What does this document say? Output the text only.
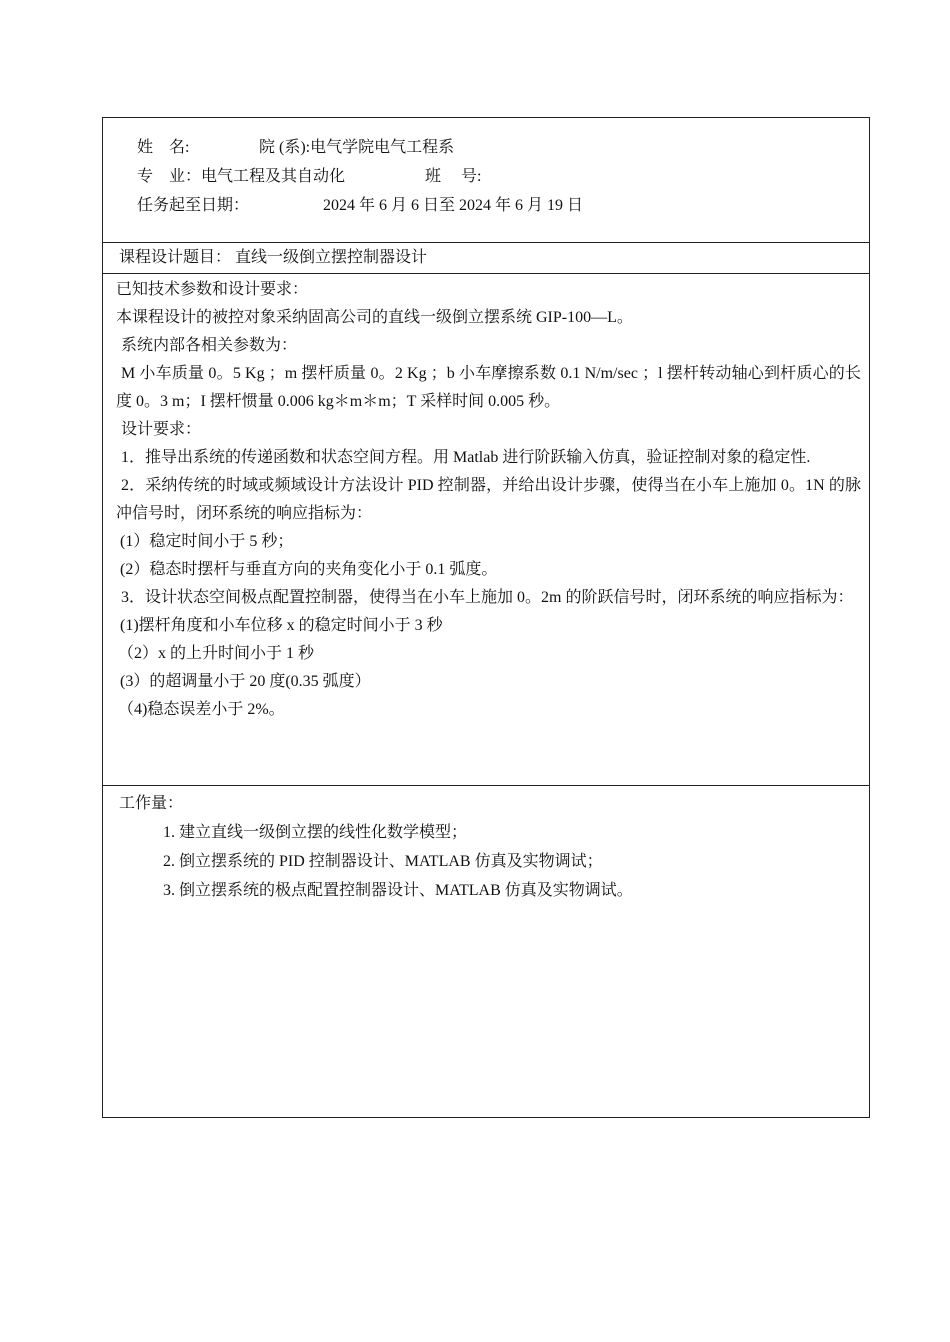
姓　名:	院 (系):电气学院电气工程系
专　业：电气工程及其自动化	班　 号:
任务起至日期：	2024 年 6 月 6 日至 2024 年 6 月 19 日
课程设计题目： 直线一级倒立摆控制器设计
已知技术参数和设计要求：
本课程设计的被控对象采纳固高公司的直线一级倒立摆系统 GIP-100—L。
系统内部各相关参数为：
M 小车质量 0。5 Kg ；m 摆杆质量 0。2 Kg ；b 小车摩擦系数 0.1 N/m/sec ；l 摆杆转动轴心到杆质心的长度 0。3 m；I 摆杆惯量 0.006 kg＊m＊m；T 采样时间 0.005 秒。
设计要求：
1．推导出系统的传递函数和状态空间方程。用 Matlab 进行阶跃输入仿真，验证控制对象的稳定性.
2．采纳传统的时域或频域设计方法设计 PID 控制器，并给出设计步骤，使得当在小车上施加 0。1N 的脉冲信号时，闭环系统的响应指标为：
(1）稳定时间小于 5 秒；
(2）稳态时摆杆与垂直方向的夹角变化小于 0.1 弧度。
3．设计状态空间极点配置控制器，使得当在小车上施加 0。2m 的阶跃信号时，闭环系统的响应指标为：
(1)摆杆角度和小车位移 x 的稳定时间小于 3 秒
（2）x 的上升时间小于 1 秒
(3）的超调量小于 20 度(0.35 弧度）
（4)稳态误差小于 2%。
工作量：
1. 建立直线一级倒立摆的线性化数学模型；
2. 倒立摆系统的 PID 控制器设计、MATLAB 仿真及实物调试；
3. 倒立摆系统的极点配置控制器设计、MATLAB 仿真及实物调试。
